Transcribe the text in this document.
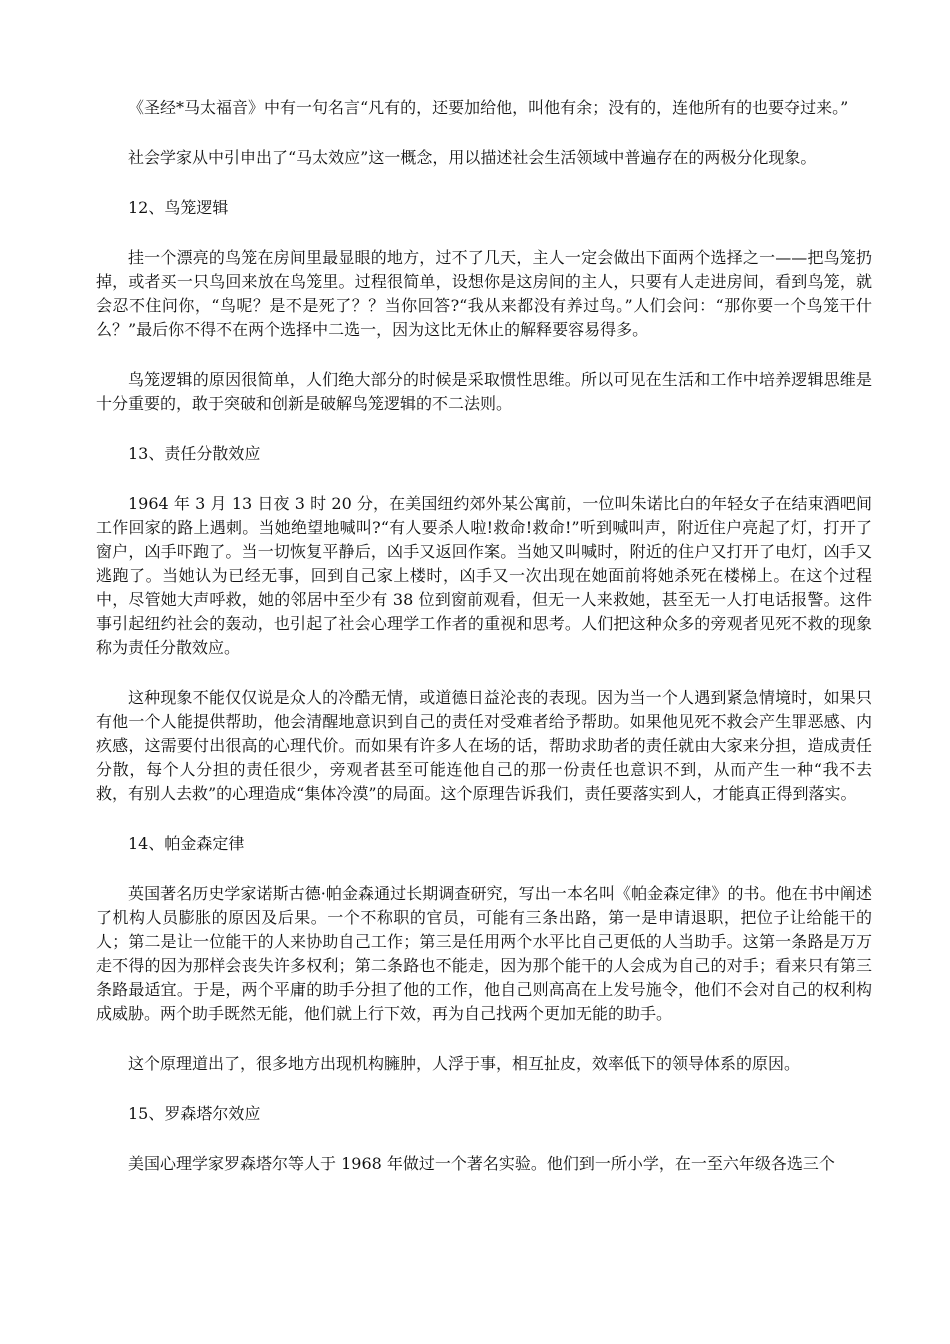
《圣经*马太福音》中有一句名言“凡有的，还要加给他，叫他有余；没有的，连他所有的也要夺过来。”

社会学家从中引申出了“马太效应”这一概念，用以描述社会生活领域中普遍存在的两极分化现象。

12、鸟笼逻辑

挂一个漂亮的鸟笼在房间里最显眼的地方，过不了几天，主人一定会做出下面两个选择之一——把鸟笼扔掉，或者买一只鸟回来放在鸟笼里。过程很简单，设想你是这房间的主人，只要有人走进房间，看到鸟笼，就会忍不住问你，“鸟呢？是不是死了？？当你回答?“我从来都没有养过鸟。”人们会问：“那你要一个鸟笼干什么？”最后你不得不在两个选择中二选一，因为这比无休止的解释要容易得多。

鸟笼逻辑的原因很简单，人们绝大部分的时候是采取惯性思维。所以可见在生活和工作中培养逻辑思维是十分重要的，敢于突破和创新是破解鸟笼逻辑的不二法则。

13、责任分散效应

1964 年 3 月 13 日夜 3 时 20 分，在美国纽约郊外某公寓前，一位叫朱诺比白的年轻女子在结束酒吧间工作回家的路上遇刺。当她绝望地喊叫?“有人要杀人啦!救命!救命!”听到喊叫声，附近住户亮起了灯，打开了窗户，凶手吓跑了。当一切恢复平静后，凶手又返回作案。当她又叫喊时，附近的住户又打开了电灯，凶手又逃跑了。当她认为已经无事，回到自己家上楼时，凶手又一次出现在她面前将她杀死在楼梯上。在这个过程中，尽管她大声呼救，她的邻居中至少有 38 位到窗前观看，但无一人来救她，甚至无一人打电话报警。这件事引起纽约社会的轰动，也引起了社会心理学工作者的重视和思考。人们把这种众多的旁观者见死不救的现象称为责任分散效应。

这种现象不能仅仅说是众人的冷酷无情，或道德日益沦丧的表现。因为当一个人遇到紧急情境时，如果只有他一个人能提供帮助，他会清醒地意识到自己的责任对受难者给予帮助。如果他见死不救会产生罪恶感、内疚感，这需要付出很高的心理代价。而如果有许多人在场的话，帮助求助者的责任就由大家来分担，造成责任分散，每个人分担的责任很少，旁观者甚至可能连他自己的那一份责任也意识不到，从而产生一种“我不去救，有别人去救”的心理造成“集体冷漠”的局面。这个原理告诉我们，责任要落实到人，才能真正得到落实。

14、帕金森定律

英国著名历史学家诺斯古德·帕金森通过长期调查研究，写出一本名叫《帕金森定律》的书。他在书中阐述了机构人员膨胀的原因及后果。一个不称职的官员，可能有三条出路，第一是申请退职，把位子让给能干的人；第二是让一位能干的人来协助自己工作；第三是任用两个水平比自己更低的人当助手。这第一条路是万万走不得的因为那样会丧失许多权利；第二条路也不能走，因为那个能干的人会成为自己的对手；看来只有第三条路最适宜。于是，两个平庸的助手分担了他的工作，他自己则高高在上发号施令，他们不会对自己的权利构成威胁。两个助手既然无能，他们就上行下效，再为自己找两个更加无能的助手。

这个原理道出了，很多地方出现机构臃肿，人浮于事，相互扯皮，效率低下的领导体系的原因。

15、罗森塔尔效应

美国心理学家罗森塔尔等人于 1968 年做过一个著名实验。他们到一所小学，在一至六年级各选三个
